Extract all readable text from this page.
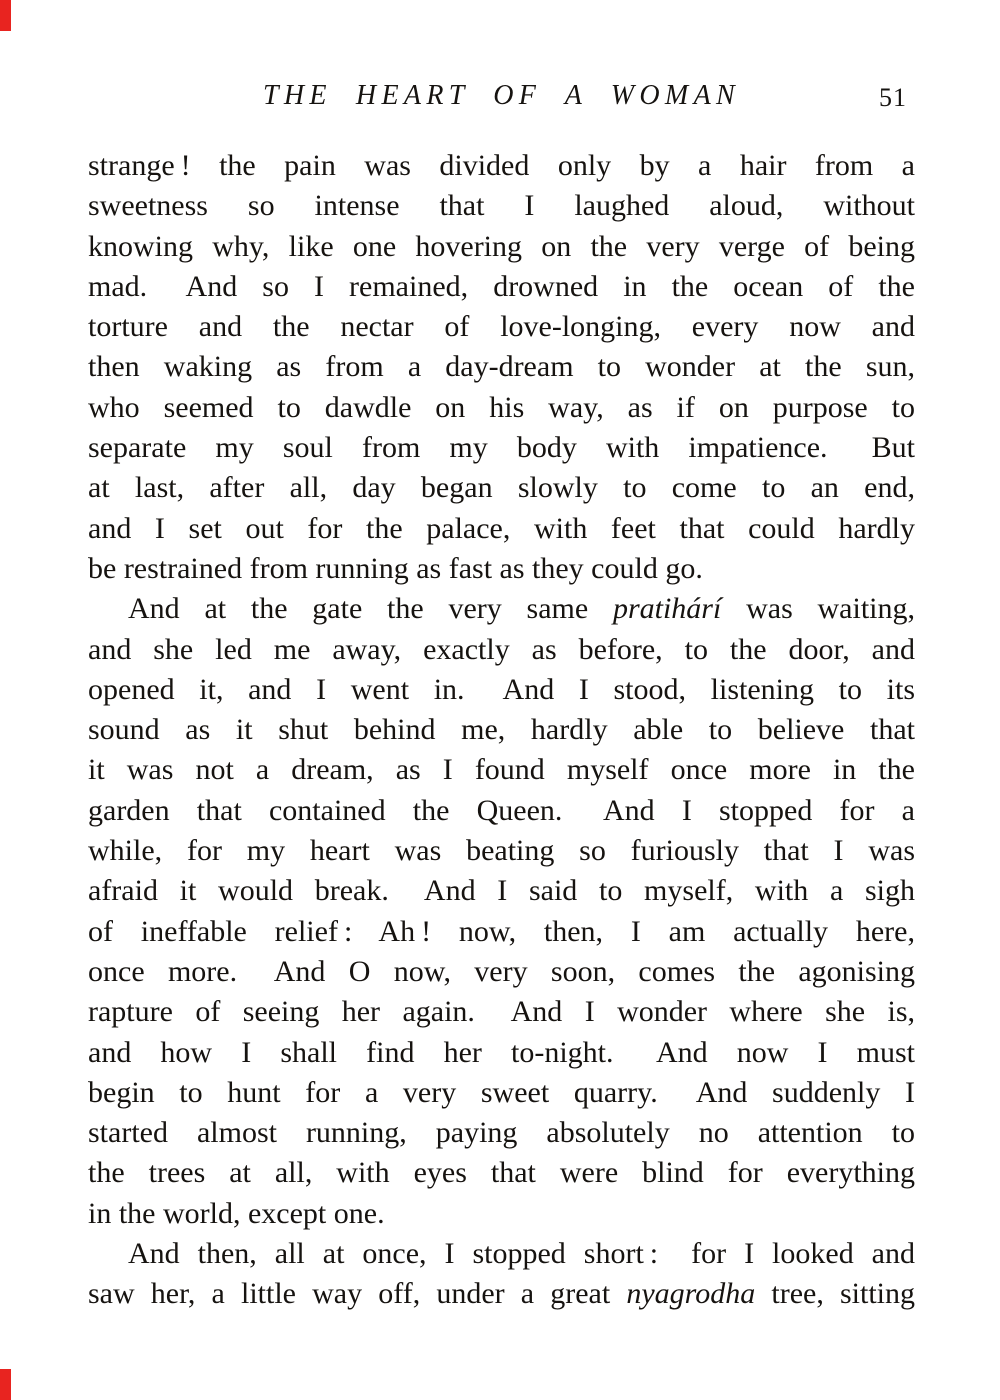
THE HEART OF A WOMAN	51
strange ! the pain was divided only by a hair from a
sweetness so intense that I laughed aloud, without
knowing why, like one hovering on the very verge of being
mad.  And so I remained, drowned in the ocean of the
torture and the nectar of love-longing, every now and
then waking as from a day-dream to wonder at the sun,
who seemed to dawdle on his way, as if on purpose to
separate my soul from my body with impatience.  But
at last, after all, day began slowly to come to an end,
and I set out for the palace, with feet that could hardly
be restrained from running as fast as they could go.
And at the gate the very same pratihárí was waiting,
and she led me away, exactly as before, to the door, and
opened it, and I went in.  And I stood, listening to its
sound as it shut behind me, hardly able to believe that
it was not a dream, as I found myself once more in the
garden that contained the Queen.  And I stopped for a
while, for my heart was beating so furiously that I was
afraid it would break.  And I said to myself, with a sigh
of ineffable relief : Ah ! now, then, I am actually here,
once more.  And O now, very soon, comes the agonising
rapture of seeing her again.  And I wonder where she is,
and how I shall find her to-night.  And now I must
begin to hunt for a very sweet quarry.  And suddenly I
started almost running, paying absolutely no attention to
the trees at all, with eyes that were blind for everything
in the world, except one.
And then, all at once, I stopped short :  for I looked and
saw her, a little way off, under a great nyagrodha tree, sitting
